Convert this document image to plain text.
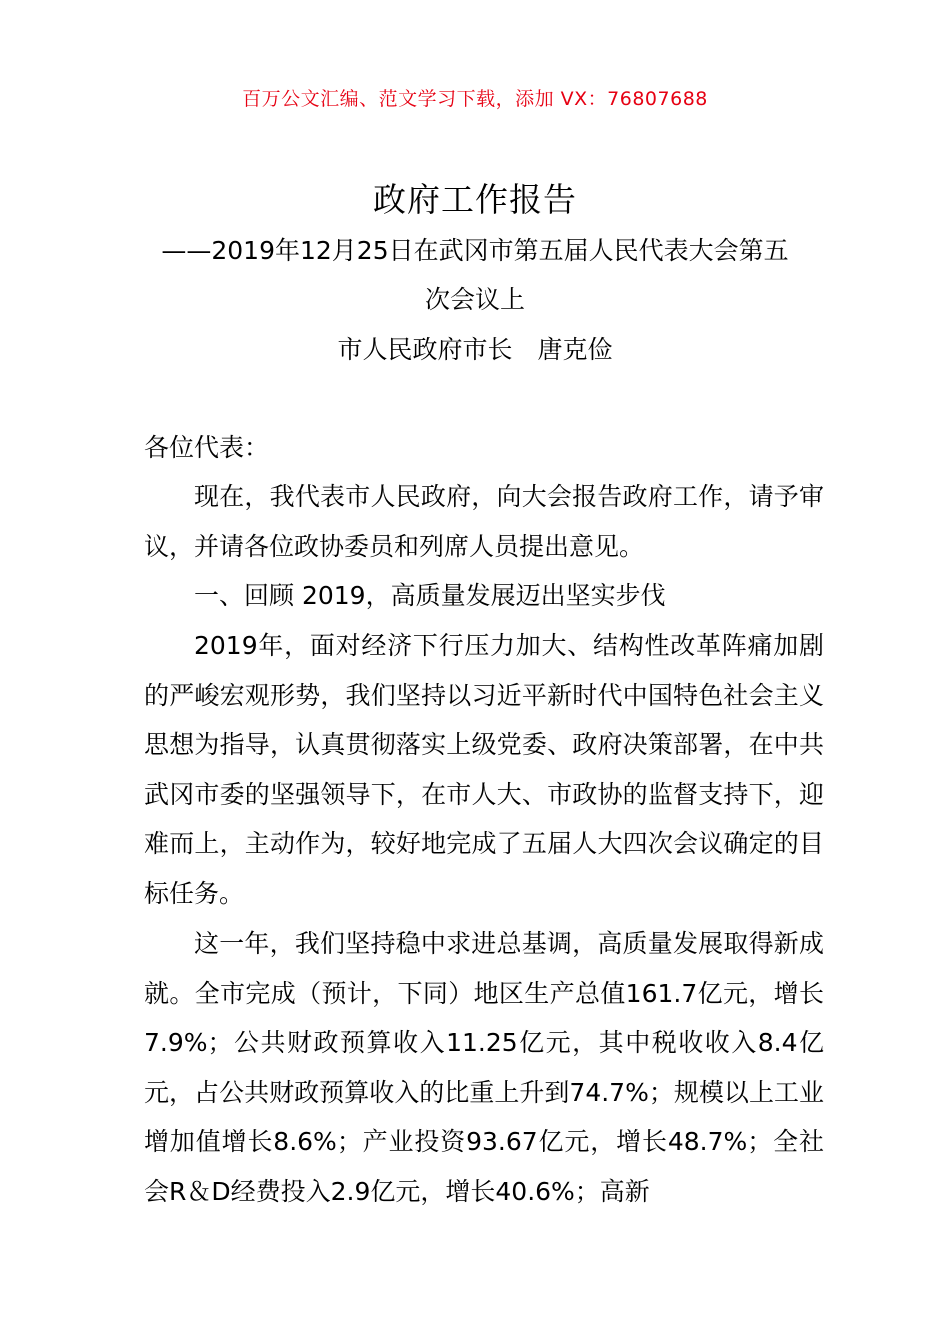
百万公文汇编、范文学习下载，添加 VX：76807688
政府工作报告
——2019年12月25日在武冈市第五届人民代表大会第五
次会议上
市人民政府市长　唐克俭
各位代表：
现在，我代表市人民政府，向大会报告政府工作，请予审议，并请各位政协委员和列席人员提出意见。
一、回顾 2019，高质量发展迈出坚实步伐
2019年，面对经济下行压力加大、结构性改革阵痛加剧的严峻宏观形势，我们坚持以习近平新时代中国特色社会主义思想为指导，认真贯彻落实上级党委、政府决策部署，在中共武冈市委的坚强领导下，在市人大、市政协的监督支持下，迎难而上，主动作为，较好地完成了五届人大四次会议确定的目标任务。
这一年，我们坚持稳中求进总基调，高质量发展取得新成就。全市完成（预计，下同）地区生产总值161.7亿元，增长7.9%；公共财政预算收入11.25亿元，其中税收收入8.4亿元，占公共财政预算收入的比重上升到74.7%；规模以上工业增加值增长8.6%；产业投资93.67亿元，增长48.7%；全社会R＆D经费投入2.9亿元，增长40.6%；高新
